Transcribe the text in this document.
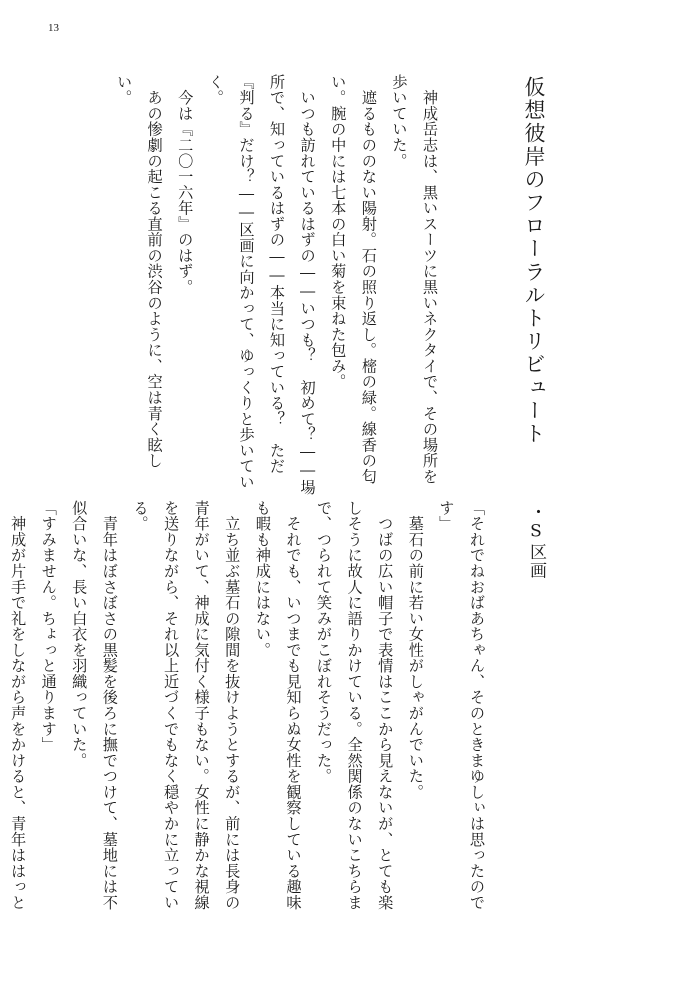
13
仮想彼岸のフローラルトリビュート
　神成岳志は、黒いスーツに黒いネクタイで、その場所を
歩いていた。
　遮るもののない陽射。石の照り返し。樒の緑。線香の匂
い。腕の中には七本の白い菊を束ねた包み。
　いつも訪れているはずの――いつも？　初めて？――場
所で、知っているはずの――本当に知っている？　ただ
『判る』だけ？――区画に向かって、ゆっくりと歩いてい
く。
　今は『二〇一六年』のはず。
　あの惨劇の起こる直前の渋谷のように、空は青く眩し
い。
・S区画
「それでねおばあちゃん、そのときまゆしぃは思ったので
す」
　墓石の前に若い女性がしゃがんでいた。
　つばの広い帽子で表情はここから見えないが、とても楽
しそうに故人に語りかけている。全然関係のないこちらま
で、つられて笑みがこぼれそうだった。
　それでも、いつまでも見知らぬ女性を観察している趣味
も暇も神成にはない。
　立ち並ぶ墓石の隙間を抜けようとするが、前には長身の
青年がいて、神成に気付く様子もない。女性に静かな視線
を送りながら、それ以上近づくでもなく穏やかに立ってい
る。
　青年はぼさぼさの黒髪を後ろに撫でつけて、墓地には不
似合いな、長い白衣を羽織っていた。
「すみません。ちょっと通ります」
　神成が片手で礼をしながら声をかけると、青年ははっと
